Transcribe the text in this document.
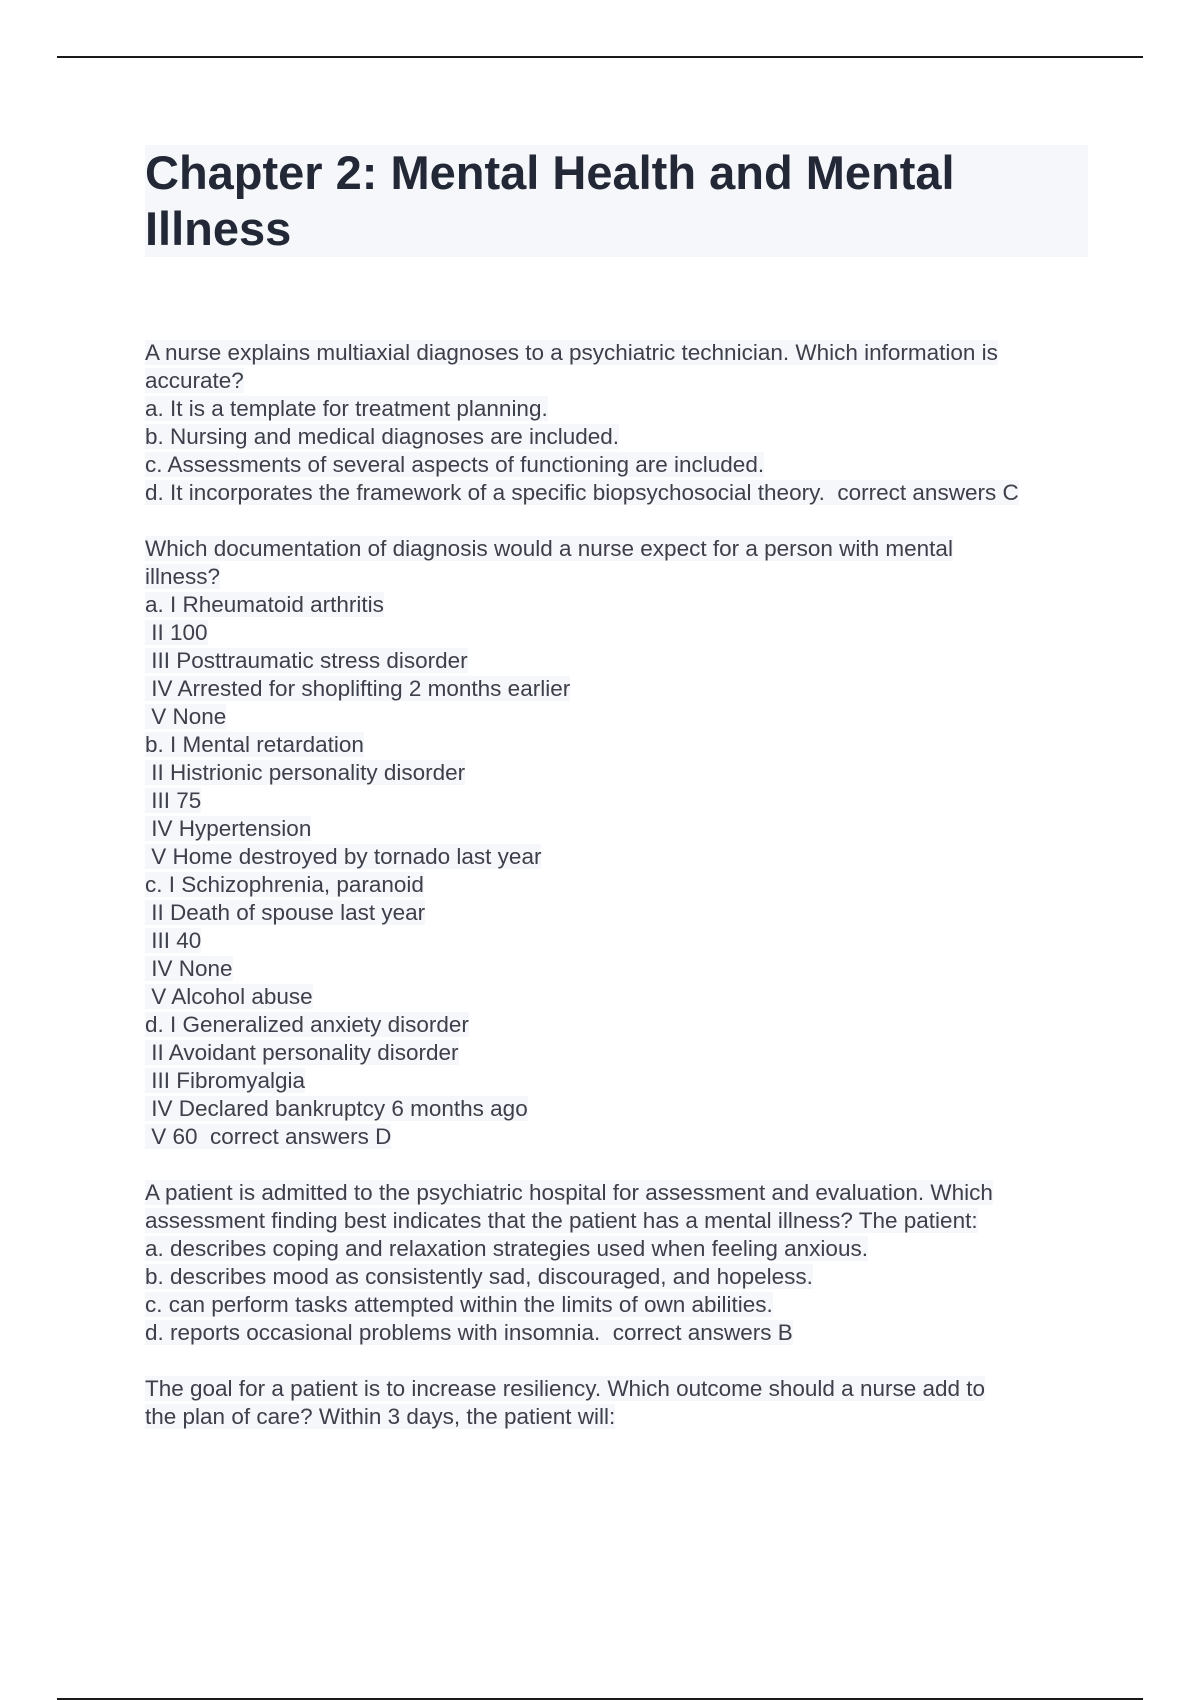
Chapter 2: Mental Health and Mental Illness
A nurse explains multiaxial diagnoses to a psychiatric technician. Which information is
accurate?
a. It is a template for treatment planning.
b. Nursing and medical diagnoses are included.
c. Assessments of several aspects of functioning are included.
d. It incorporates the framework of a specific biopsychosocial theory.  correct answers C
Which documentation of diagnosis would a nurse expect for a person with mental
illness?
a. I Rheumatoid arthritis
II 100
III Posttraumatic stress disorder
IV Arrested for shoplifting 2 months earlier
V None
b. I Mental retardation
II Histrionic personality disorder
III 75
IV Hypertension
V Home destroyed by tornado last year
c. I Schizophrenia, paranoid
II Death of spouse last year
III 40
IV None
V Alcohol abuse
d. I Generalized anxiety disorder
II Avoidant personality disorder
III Fibromyalgia
IV Declared bankruptcy 6 months ago
V 60  correct answers D
A patient is admitted to the psychiatric hospital for assessment and evaluation. Which
assessment finding best indicates that the patient has a mental illness? The patient:
a. describes coping and relaxation strategies used when feeling anxious.
b. describes mood as consistently sad, discouraged, and hopeless.
c. can perform tasks attempted within the limits of own abilities.
d. reports occasional problems with insomnia.  correct answers B
The goal for a patient is to increase resiliency. Which outcome should a nurse add to
the plan of care? Within 3 days, the patient will:
